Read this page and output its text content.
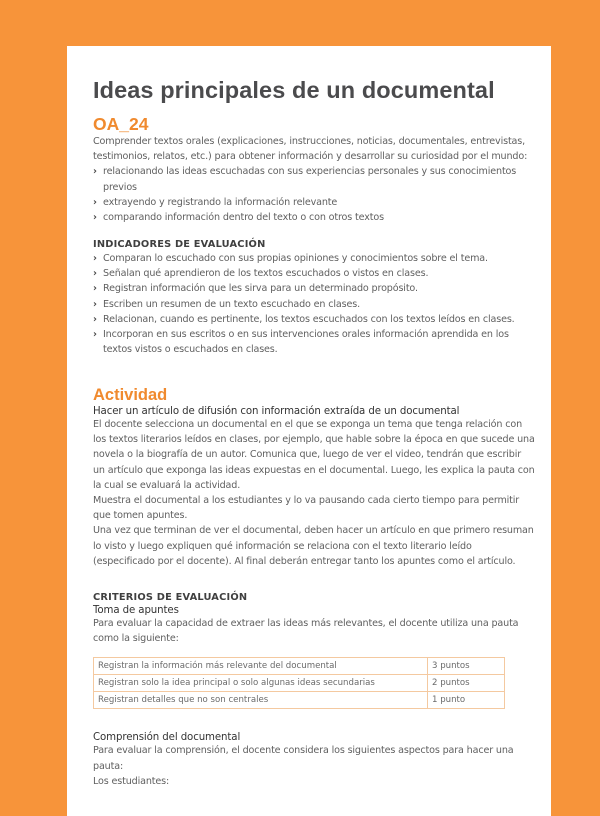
Ideas principales de un documental
OA_24
Comprender textos orales (explicaciones, instrucciones, noticias, documentales, entrevistas, testimonios, relatos, etc.) para obtener información y desarrollar su curiosidad por el mundo:
› relacionando las ideas escuchadas con sus experiencias personales y sus conocimientos previos
› extrayendo y registrando la información relevante
› comparando información dentro del texto o con otros textos
INDICADORES DE EVALUACIÓN
› Comparan lo escuchado con sus propias opiniones y conocimientos sobre el tema.
› Señalan qué aprendieron de los textos escuchados o vistos en clases.
› Registran información que les sirva para un determinado propósito.
› Escriben un resumen de un texto escuchado en clases.
› Relacionan, cuando es pertinente, los textos escuchados con los textos leídos en clases.
› Incorporan en sus escritos o en sus intervenciones orales información aprendida en los textos vistos o escuchados en clases.
Actividad
Hacer un artículo de difusión con información extraída de un documental
El docente selecciona un documental en el que se exponga un tema que tenga relación con los textos literarios leídos en clases, por ejemplo, que hable sobre la época en que sucede una novela o la biografía de un autor. Comunica que, luego de ver el video, tendrán que escribir un artículo que exponga las ideas expuestas en el documental. Luego, les explica la pauta con la cual se evaluará la actividad.
Muestra el documental a los estudiantes y lo va pausando cada cierto tiempo para permitir que tomen apuntes.
Una vez que terminan de ver el documental, deben hacer un artículo en que primero resuman lo visto y luego expliquen qué información se relaciona con el texto literario leído (especificado por el docente). Al final deberán entregar tanto los apuntes como el artículo.
CRITERIOS DE EVALUACIÓN
Toma de apuntes
Para evaluar la capacidad de extraer las ideas más relevantes, el docente utiliza una pauta como la siguiente:
Registran la información más relevante del documental	3 puntos
Registran solo la idea principal o solo algunas ideas secundarias	2 puntos
Registran detalles que no son centrales	1 punto
Comprensión del documental
Para evaluar la comprensión, el docente considera los siguientes aspectos para hacer una pauta:
Los estudiantes:
